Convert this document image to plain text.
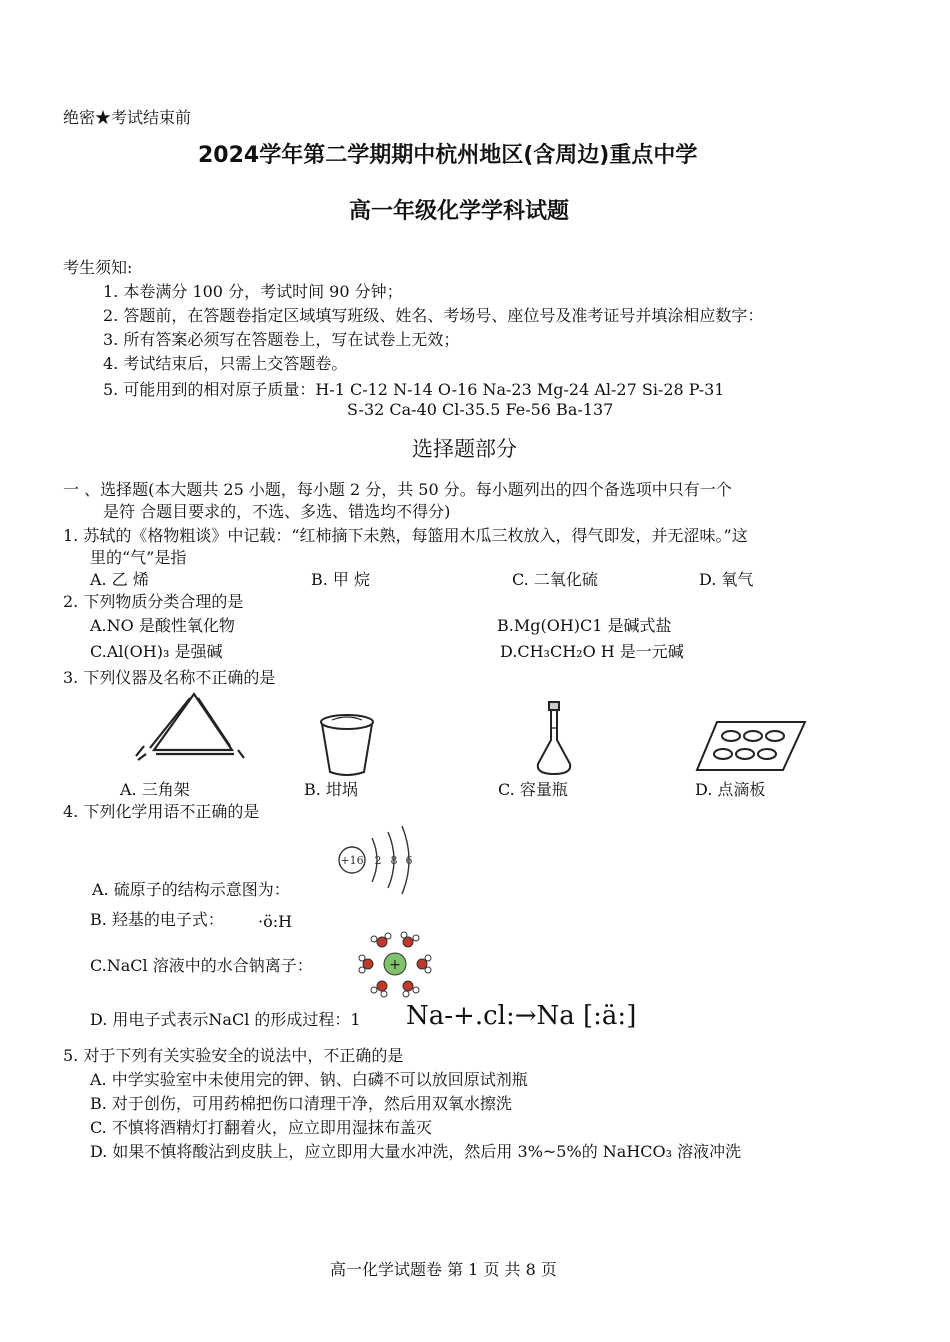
绝密★考试结束前
2024学年第二学期期中杭州地区(含周边)重点中学
高一年级化学学科试题
考生须知:
1. 本卷满分 100 分，考试时间 90 分钟；
2. 答题前，在答题卷指定区域填写班级、姓名、考场号、座位号及准考证号并填涂相应数字：
3. 所有答案必须写在答题卷上，写在试卷上无效；
4. 考试结束后，只需上交答题卷。
5. 可能用到的相对原子质量：H-1 C-12 N-14 O-16 Na-23 Mg-24 Al-27 Si-28 P-31
S-32 Ca-40 Cl-35.5 Fe-56 Ba-137
选择题部分
一 、选择题(本大题共 25 小题，每小题 2 分，共 50 分。每小题列出的四个备选项中只有一个
是符 合题目要求的，不选、多选、错选均不得分)
1. 苏轼的《格物粗谈》中记载：“红柿摘下未熟，每篮用木瓜三枚放入，得气即发，并无涩味。”这
里的“气”是指
A. 乙 烯	B. 甲 烷	C. 二氧化硫	D. 氧气
2. 下列物质分类合理的是
A.NO 是酸性氧化物	B.Mg(OH)C1 是碱式盐
C.Al(OH)₃ 是强碱	D.CH₃CH₂O H 是一元碱
3. 下列仪器及名称不正确的是
A. 三角架	B. 坩埚	C. 容量瓶	D. 点滴板
4. 下列化学用语不正确的是
+16 2 8 6
A. 硫原子的结构示意图为：
B. 羟基的电子式： ·ö:H
C.NaCl 溶液中的水合钠离子：	+
D. 用电子式表示NaCl 的形成过程：1 Na-+.cl:→Na [:ä:]
5. 对于下列有关实验安全的说法中，不正确的是
A. 中学实验室中未使用完的钾、钠、白磷不可以放回原试剂瓶
B. 对于创伤，可用药棉把伤口清理干净，然后用双氧水擦洗
C. 不慎将酒精灯打翻着火，应立即用湿抹布盖灭
D. 如果不慎将酸沾到皮肤上，应立即用大量水冲洗，然后用 3%~5%的 NaHCO₃ 溶液冲洗
高一化学试题卷 第 1 页 共 8 页
